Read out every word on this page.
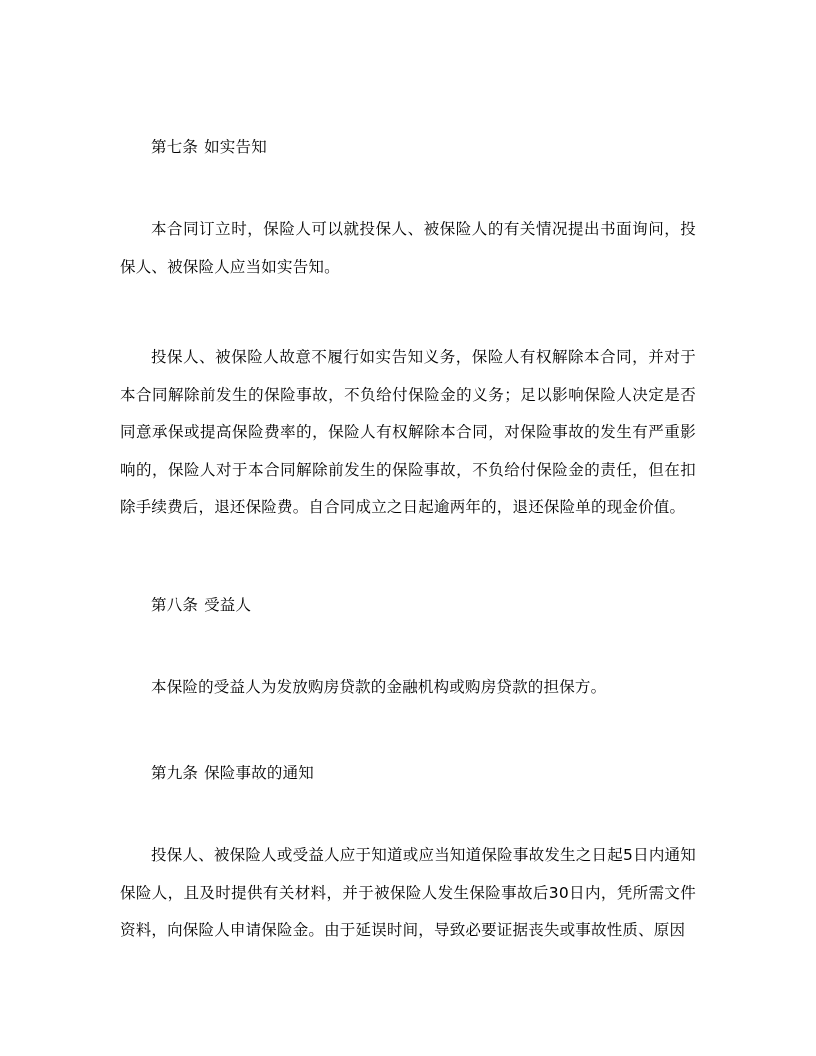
第七条 如实告知
本合同订立时，保险人可以就投保人、被保险人的有关情况提出书面询问，投保人、被保险人应当如实告知。
投保人、被保险人故意不履行如实告知义务，保险人有权解除本合同，并对于本合同解除前发生的保险事故，不负给付保险金的义务；足以影响保险人决定是否同意承保或提高保险费率的，保险人有权解除本合同，对保险事故的发生有严重影响的，保险人对于本合同解除前发生的保险事故，不负给付保险金的责任，但在扣除手续费后，退还保险费。自合同成立之日起逾两年的，退还保险单的现金价值。
第八条 受益人
本保险的受益人为发放购房贷款的金融机构或购房贷款的担保方。
第九条 保险事故的通知
投保人、被保险人或受益人应于知道或应当知道保险事故发生之日起5日内通知保险人，且及时提供有关材料，并于被保险人发生保险事故后30日内，凭所需文件资料，向保险人申请保险金。由于延误时间，导致必要证据丧失或事故性质、原因
